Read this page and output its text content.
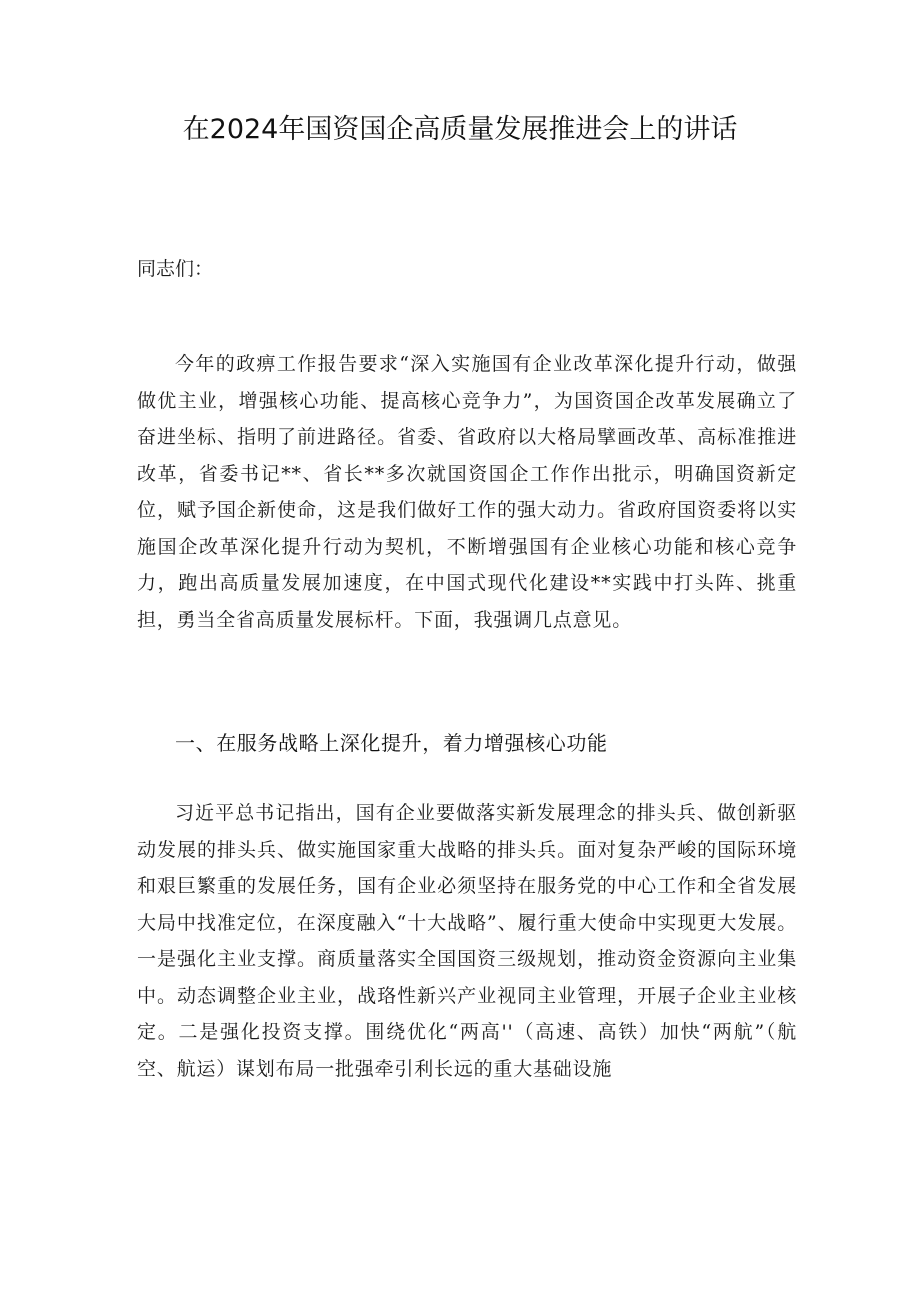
在2024年国资国企高质量发展推进会上的讲话
同志们：

今年的政痹工作报告要求“深入实施国有企业改革深化提升行动，做强做优主业，增强核心功能、提高核心竞争力”，为国资国企改革发展确立了奋进坐标、指明了前进路径。省委、省政府以大格局擘画改革、高标准推进改革，省委书记**、省长**多次就国资国企工作作出批示，明确国资新定位，赋予国企新使命，这是我们做好工作的强大动力。省政府国资委将以实施国企改革深化提升行动为契机，不断增强国有企业核心功能和核心竞争力，跑出高质量发展加速度，在中国式现代化建设**实践中打头阵、挑重担，勇当全省高质量发展标杆。下面，我强调几点意见。

一、在服务战略上深化提升，着力增强核心功能

习近平总书记指出，国有企业要做落实新发展理念的排头兵、做创新驱动发展的排头兵、做实施国家重大战略的排头兵。面对复杂严峻的国际环境和艰巨繁重的发展任务，国有企业必须坚持在服务党的中心工作和全省发展大局中找准定位，在深度融入“十大战略”、履行重大使命中实现更大发展。一是强化主业支撑。商质量落实全国国资三级规划，推动资金资源向主业集中。动态调整企业主业，战珞性新兴产业视同主业管理，开展子企业主业核定。二是强化投资支撑。围绕优化“两高''（高速、高铁）加快“两航”（航空、航运）谋划布局一批强牵引利长远的重大基础设施
